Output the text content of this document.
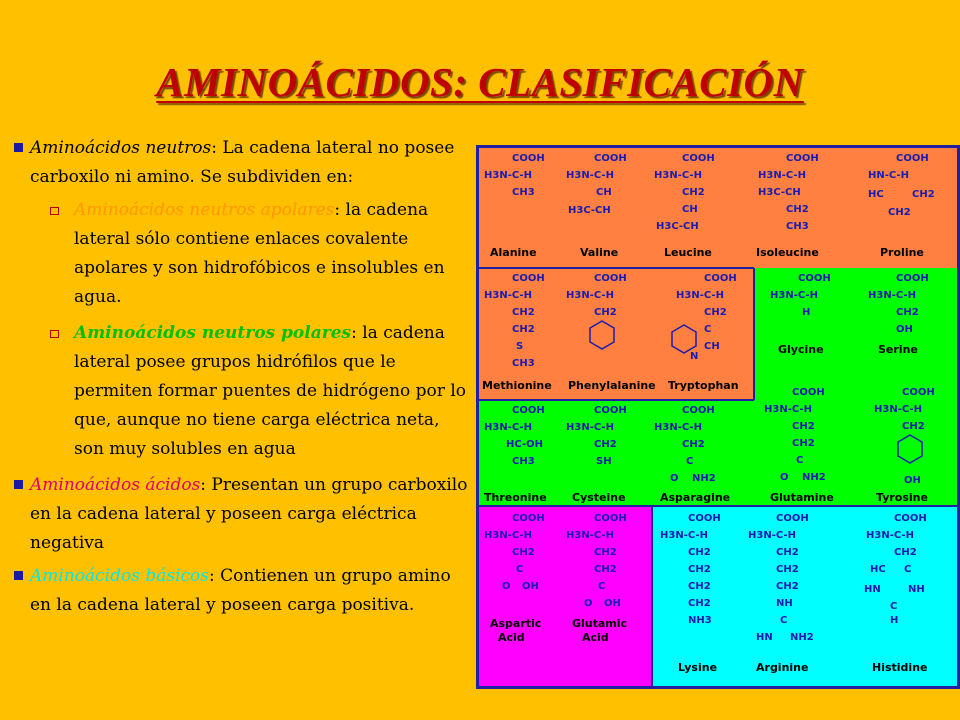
AMINOÁCIDOS: CLASIFICACIÓN

Aminoácidos neutros: La cadena lateral no posee carboxilo ni amino. Se subdividen en:

Aminoácidos neutros apolares: la cadena lateral sólo contiene enlaces covalente apolares y son hidrofóbicos e insolubles en agua.

Aminoácidos neutros polares: la cadena lateral posee grupos hidrófilos que le permiten formar puentes de hidrógeno por lo que, aunque no tiene carga eléctrica neta, son muy solubles en agua

Aminoácidos ácidos: Presentan un grupo carboxilo en la cadena lateral y poseen carga eléctrica negativa

Aminoácidos básicos: Contienen un grupo amino en la cadena lateral y poseen carga positiva.

COOH
H3N-C-H
CH3
Alanine
COOH
H3N-C-H
CH
H3C-CH
Valine
COOH
H3N-C-H
CH2
CH
H3C-CH
Leucine
COOH
H3N-C-H
H3C-CH
CH2
CH3
Isoleucine
COOH
HN-C-H
HC	CH2
CH2
Proline
COOH
H3N-C-H
CH2
CH2
S
CH3
Methionine
COOH
H3N-C-H
CH2
Phenylalanine
COOH
H3N-C-H
CH2
C
CH
N
Tryptophan
COOH
H3N-C-H
H
Glycine
COOH
H3N-C-H
CH2
OH
Serine
COOH
H3N-C-H
HC-OH
CH3
Threonine
COOH
H3N-C-H
CH2
SH
Cysteine
COOH
H3N-C-H
CH2
C
O NH2
Asparagine
COOH
H3N-C-H
CH2
CH2
C
O NH2
Glutamine
COOH
H3N-C-H
CH2
OH
Tyrosine
COOH
H3N-C-H
CH2
C
O OH
Aspartic
Acid
COOH
H3N-C-H
CH2
CH2
C
O OH
Glutamic
Acid
COOH
H3N-C-H
CH2
CH2
CH2
CH2
NH3
Lysine
COOH
H3N-C-H
CH2
CH2
CH2
NH
C
HN NH2
Arginine
COOH
H3N-C-H
CH2
HC C
HN	NH
C
H
Histidine
